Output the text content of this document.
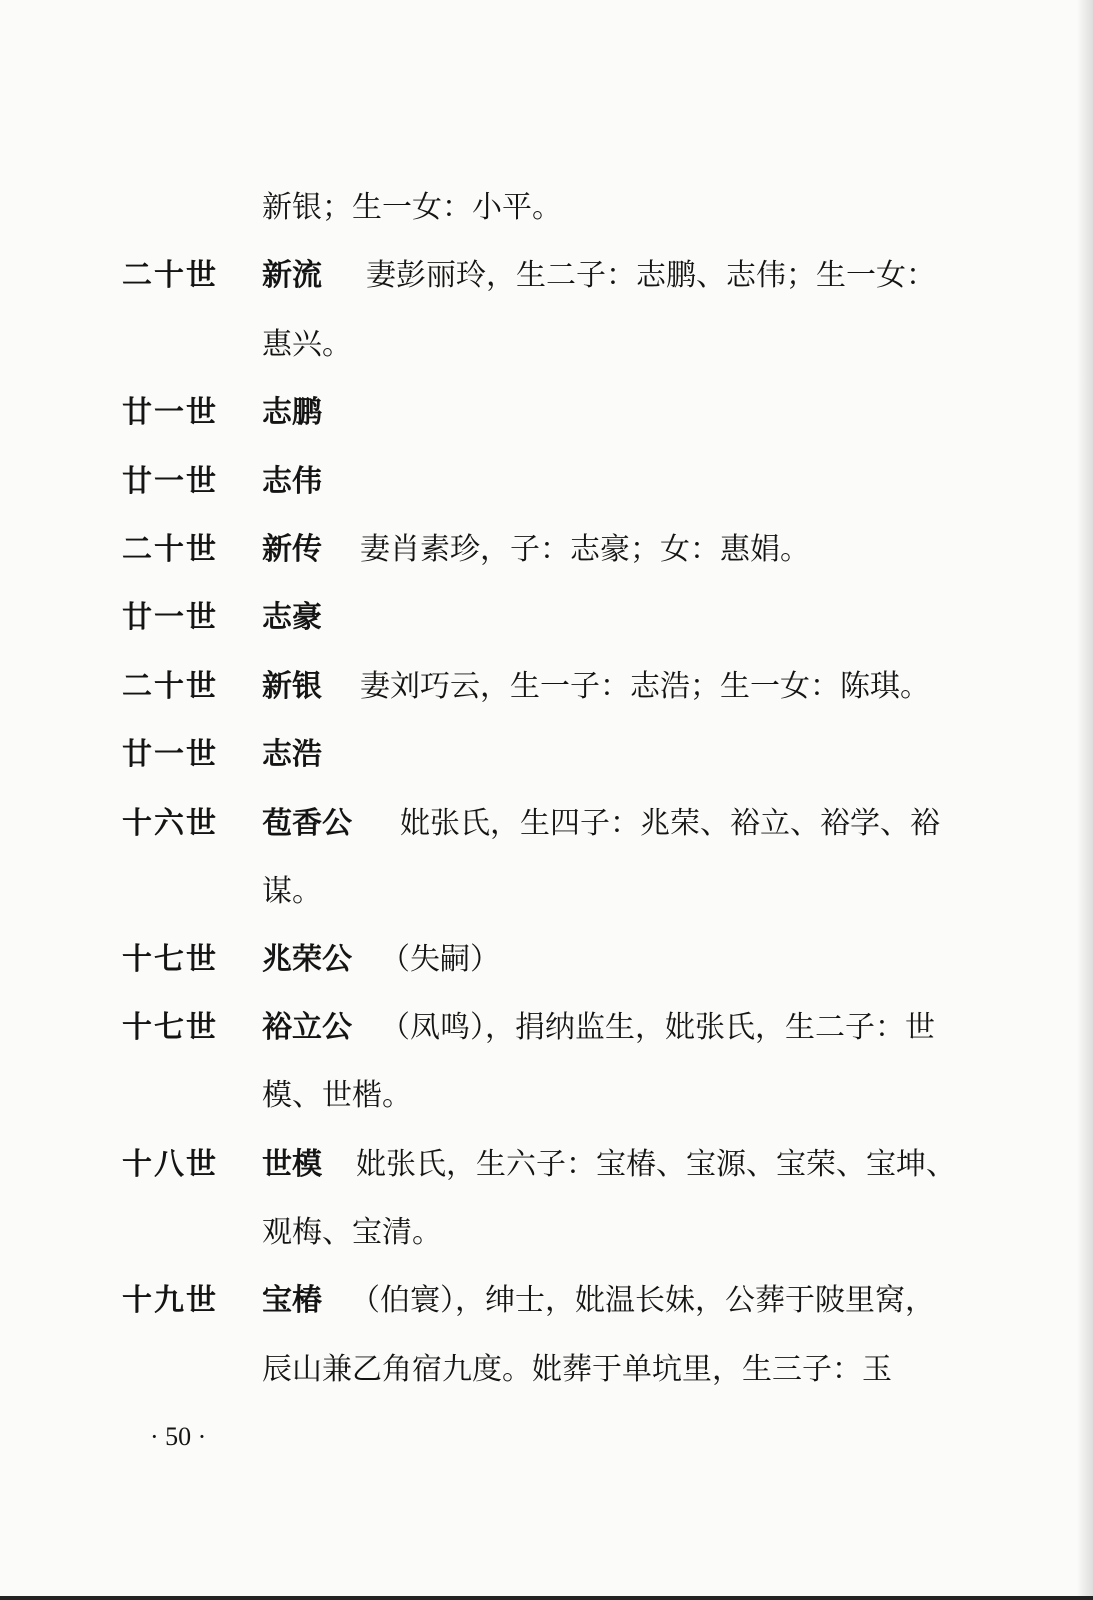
新银；生一女：小平。
二十世	新流 妻彭丽玲，生二子：志鹏、志伟；生一女：
惠兴。
廿一世	志鹏
廿一世	志伟
二十世	新传 妻肖素珍，子：志豪；女：惠娟。
廿一世	志豪
二十世	新银 妻刘巧云，生一子：志浩；生一女：陈琪。
廿一世	志浩
十六世	苞香公 妣张氏，生四子：兆荣、裕立、裕学、裕
谋。
十七世	兆荣公 （失嗣）
十七世	裕立公 （凤鸣），捐纳监生，妣张氏，生二子：世
模、世楷。
十八世	世模 妣张氏，生六子：宝椿、宝源、宝荣、宝坤、
观梅、宝清。
十九世	宝椿 （伯寰），绅士，妣温长妹，公葬于陂里窝，
辰山兼乙角宿九度。妣葬于单坑里，生三子：玉
· 50 ·
